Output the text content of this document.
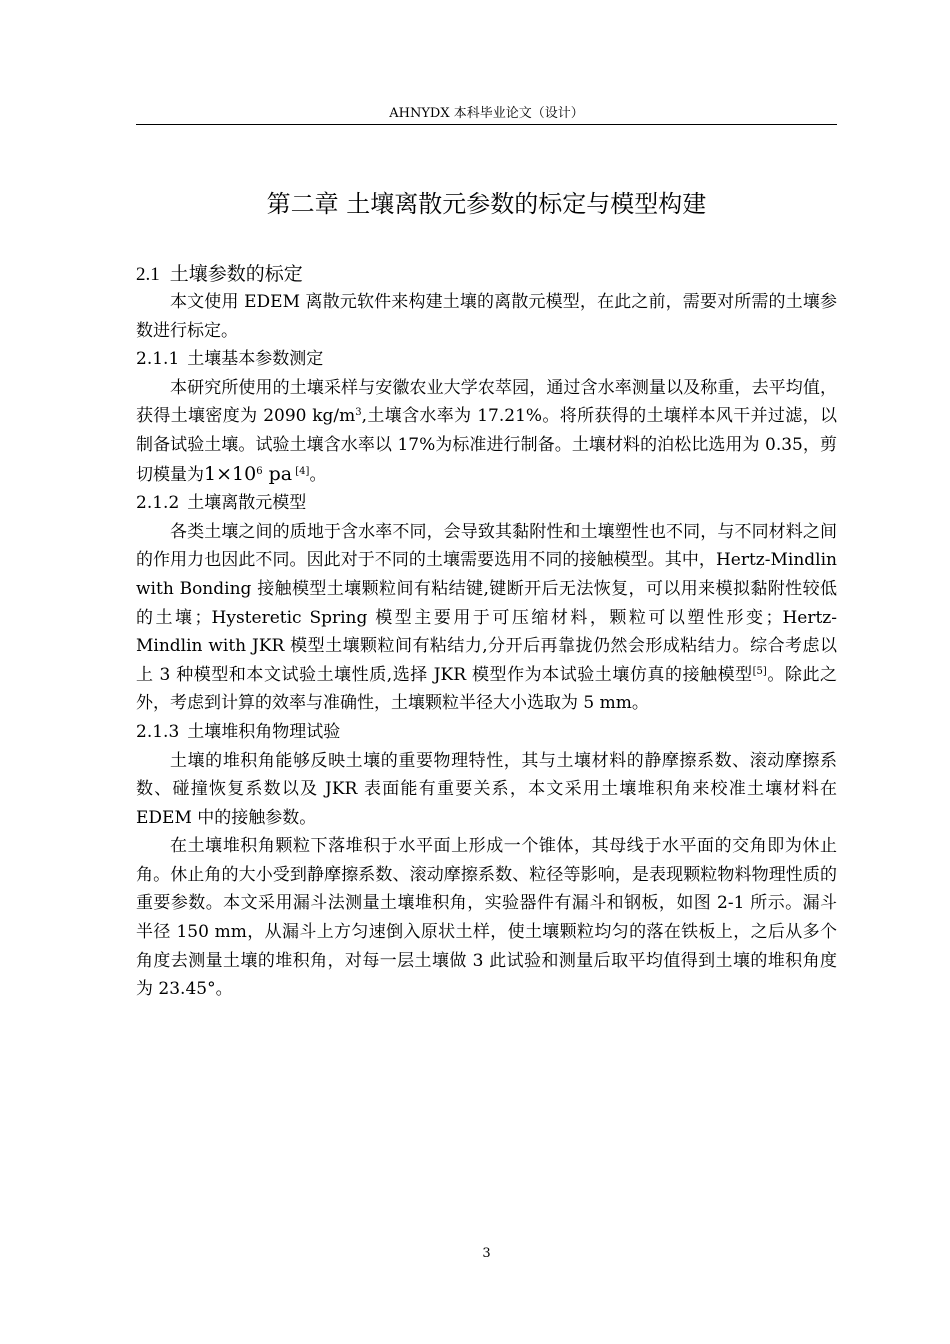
AHNYDX 本科毕业论文（设计）
第二章 土壤离散元参数的标定与模型构建
2.1 土壤参数的标定

本文使用 EDEM 离散元软件来构建土壤的离散元模型，在此之前，需要对所需的土壤参数进行标定。

2.1.1 土壤基本参数测定

本研究所使用的土壤采样与安徽农业大学农萃园，通过含水率测量以及称重，去平均值，获得土壤密度为 2090 $kg/m^3$,土壤含水率为 17.21%。将所获得的土壤样本风干并过滤，以制备试验土壤。试验土壤含水率以 17%为标准进行制备。土壤材料的泊松比选用为 0.35，剪切模量为$1\times 10^6$ pa [4]。

2.1.2 土壤离散元模型

各类土壤之间的质地于含水率不同，会导致其黏附性和土壤塑性也不同，与不同材料之间的作用力也因此不同。因此对于不同的土壤需要选用不同的接触模型。其中，Hertz-Mindlin with Bonding 接触模型土壤颗粒间有粘结键,键断开后无法恢复，可以用来模拟黏附性较低的土壤；Hysteretic Spring 模型主要用于可压缩材料，颗粒可以塑性形变；Hertz-Mindlin with JKR 模型土壤颗粒间有粘结力,分开后再靠拢仍然会形成粘结力。综合考虑以上 3 种模型和本文试验土壤性质,选择 JKR 模型作为本试验土壤仿真的接触模型[5]。除此之外，考虑到计算的效率与准确性，土壤颗粒半径大小选取为 5 mm。

2.1.3 土壤堆积角物理试验

土壤的堆积角能够反映土壤的重要物理特性，其与土壤材料的静摩擦系数、滚动摩擦系数、碰撞恢复系数以及 JKR 表面能有重要关系，本文采用土壤堆积角来校准土壤材料在 EDEM 中的接触参数。

在土壤堆积角颗粒下落堆积于水平面上形成一个锥体，其母线于水平面的交角即为休止角。休止角的大小受到静摩擦系数、滚动摩擦系数、粒径等影响，是表现颗粒物料物理性质的重要参数。本文采用漏斗法测量土壤堆积角，实验器件有漏斗和钢板，如图 2-1 所示。漏斗半径 150 mm，从漏斗上方匀速倒入原状土样，使土壤颗粒均匀的落在铁板上，之后从多个角度去测量土壤的堆积角，对每一层土壤做 3 此试验和测量后取平均值得到土壤的堆积角度为 23.45°。

3
